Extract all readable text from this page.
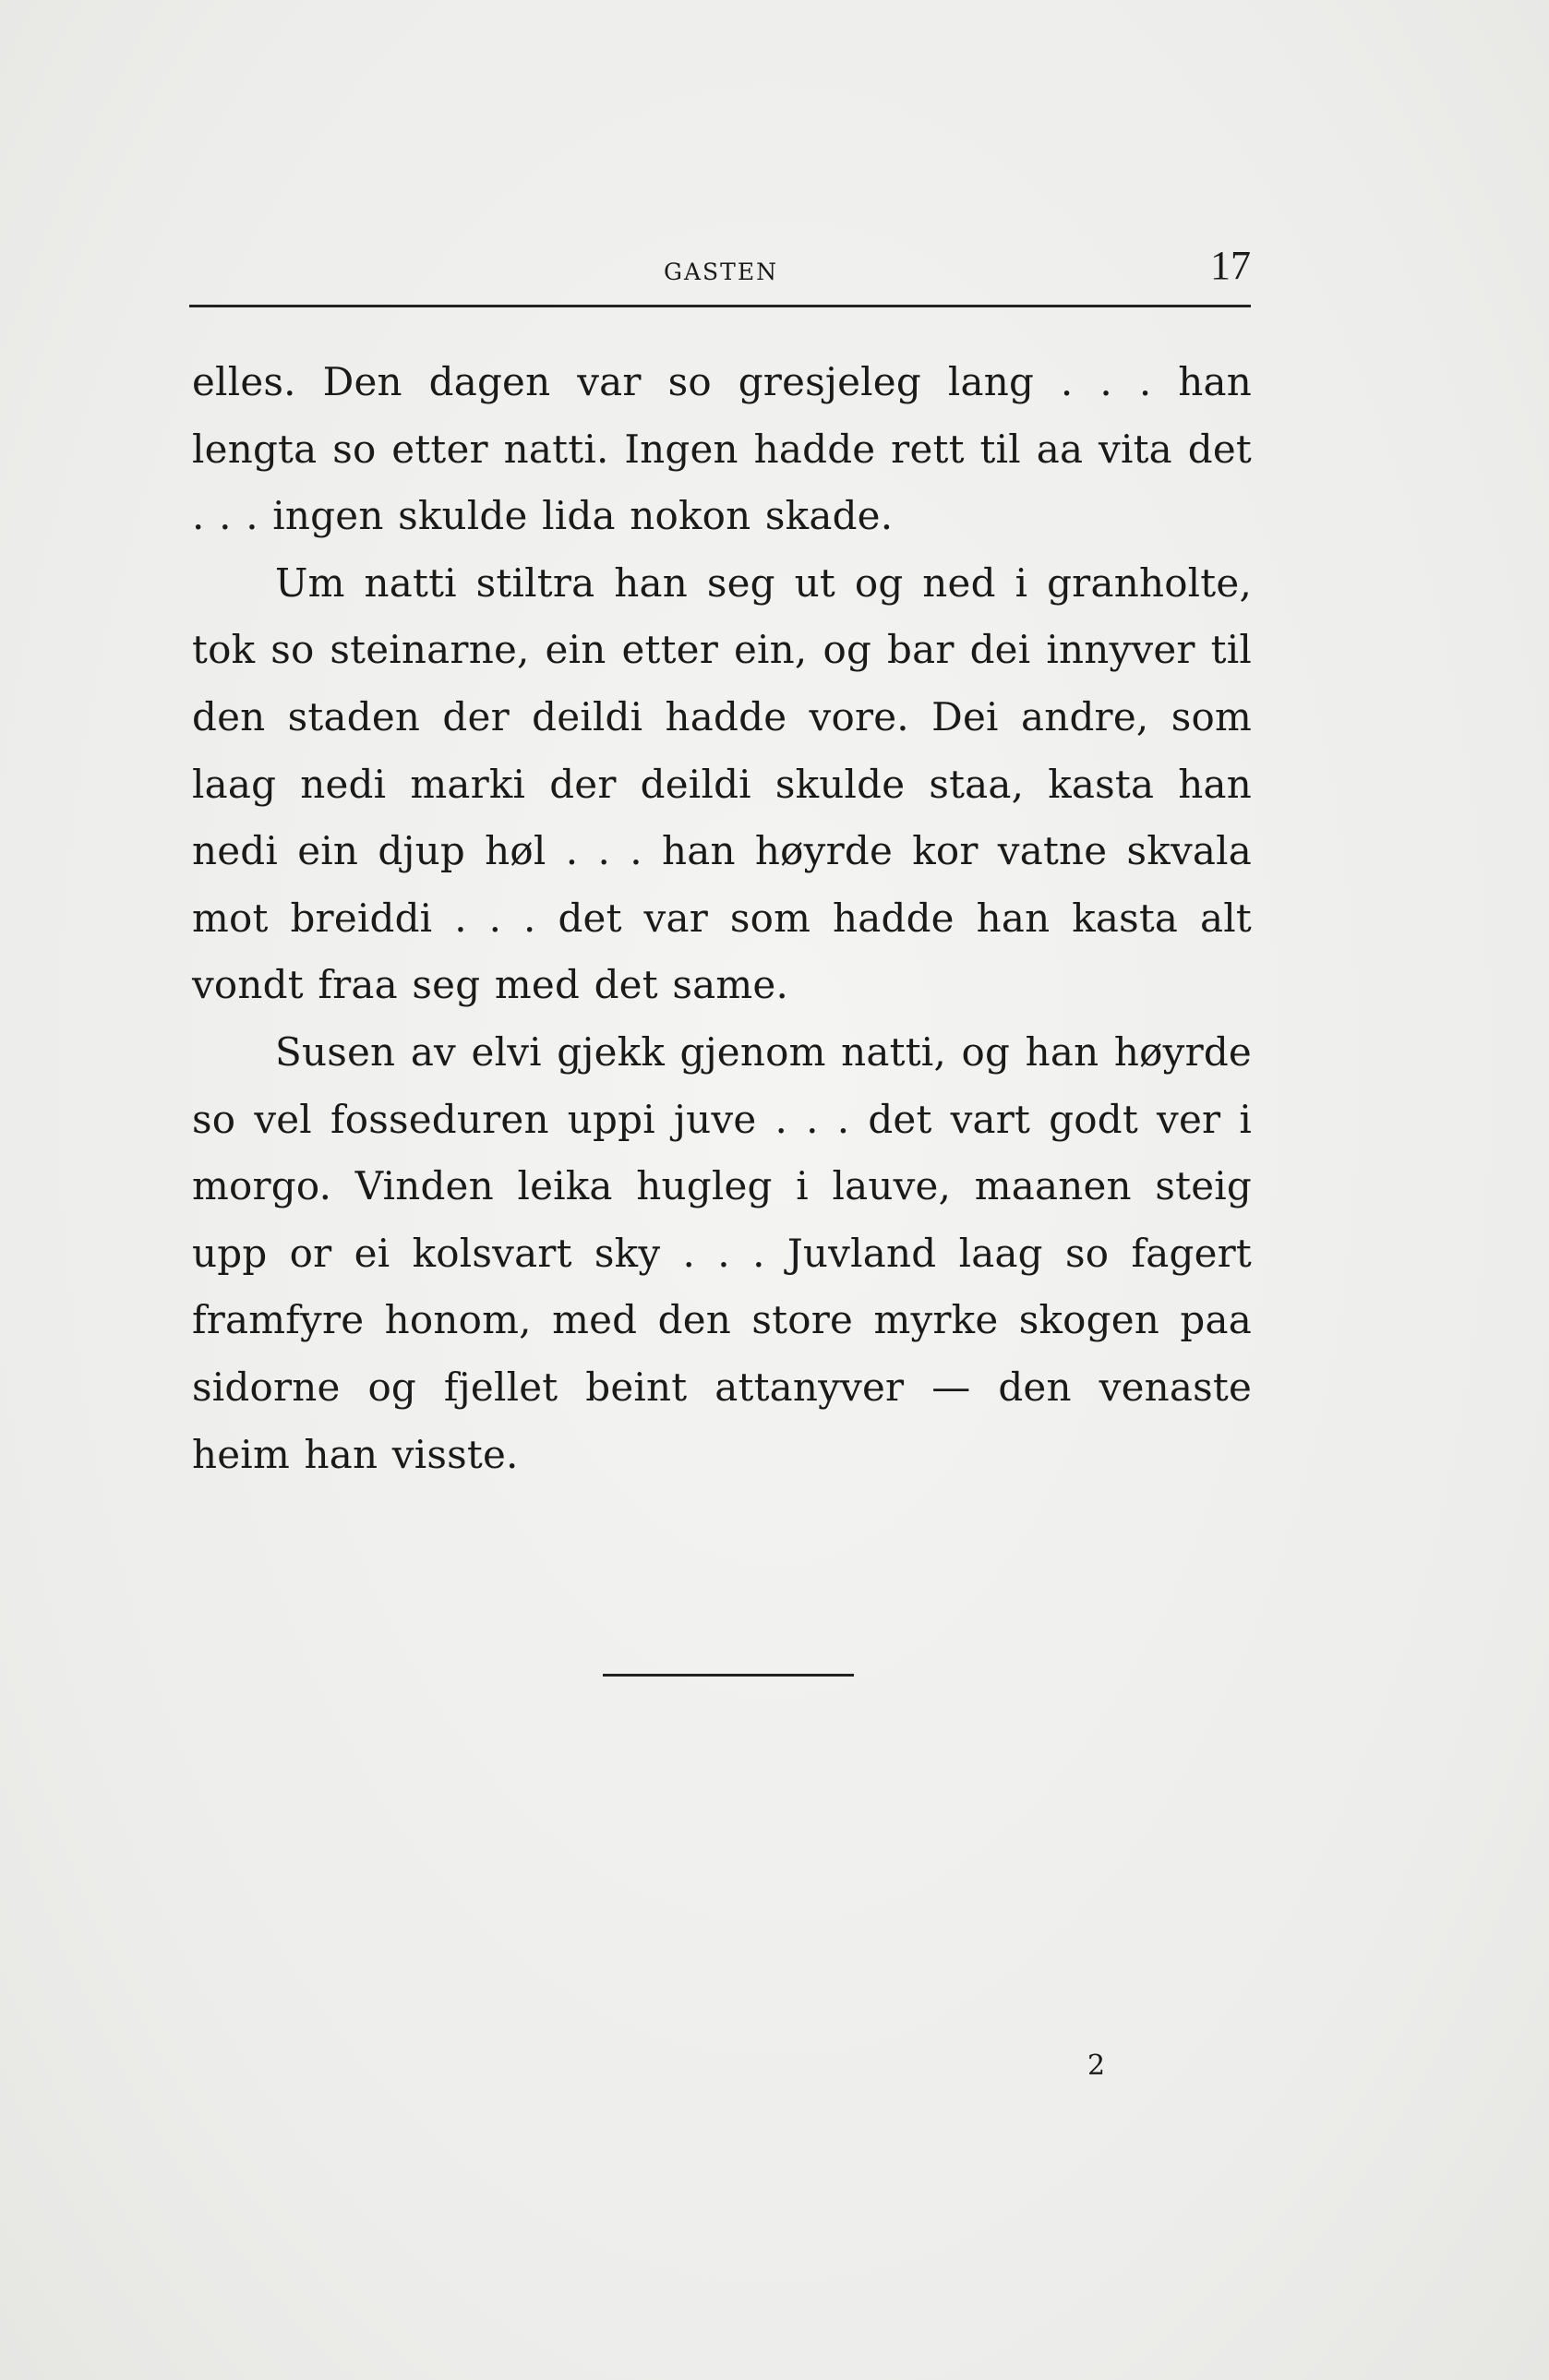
GASTEN	17

elles. Den dagen var so gresjeleg lang . . . han lengta so etter natti. Ingen hadde rett til aa vita det . . . ingen skulde lida nokon skade.

Um natti stiltra han seg ut og ned i granholte, tok so steinarne, ein etter ein, og bar dei innyver til den staden der deildi hadde vore. Dei andre, som laag nedi marki der deildi skulde staa, kasta han nedi ein djup høl . . . han høyrde kor vatne skvala mot breiddi . . . det var som hadde han kasta alt vondt fraa seg med det same.

Susen av elvi gjekk gjenom natti, og han høyrde so vel fosseduren uppi juve . . . det vart godt ver i morgo. Vinden leika hugleg i lauve, maanen steig upp or ei kolsvart sky . . . Juvland laag so fagert framfyre honom, med den store myrke skogen paa sidorne og fjellet beint attanyver — den venaste heim han visste.

2
